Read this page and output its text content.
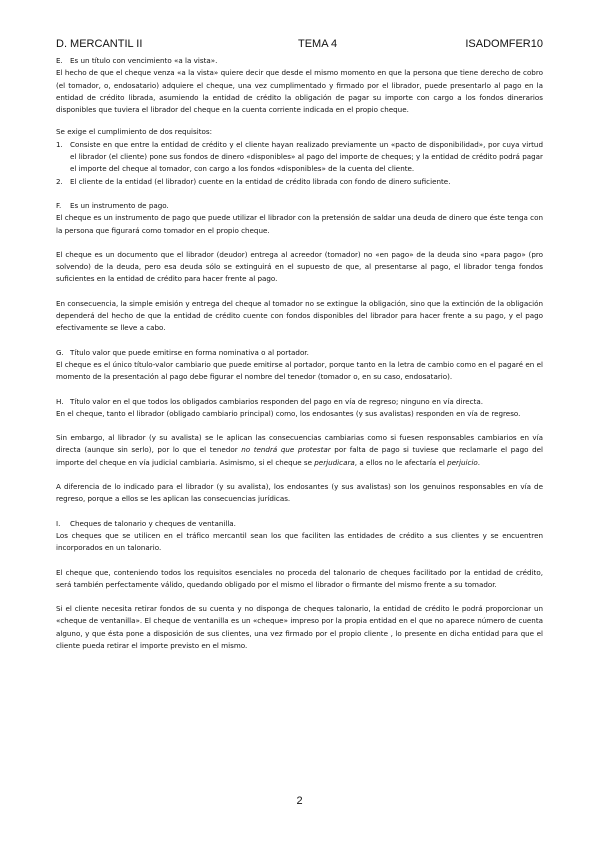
D. MERCANTIL II	TEMA 4	ISADOMFER10

E. Es un título con vencimiento «a la vista».

El hecho de que el cheque venza «a la vista» quiere decir que desde el mismo momento en que la persona que tiene derecho de cobro (el tomador, o, endosatario) adquiere el cheque, una vez cumplimentado y firmado por el librador, puede presentarlo al pago en la entidad de crédito librada, asumiendo la entidad de crédito la obligación de pagar su importe con cargo a los fondos dinerarios disponibles que tuviera el librador del cheque en la cuenta corriente indicada en el propio cheque.

Se exige el cumplimiento de dos requisitos:

1. Consiste en que entre la entidad de crédito y el cliente hayan realizado previamente un «pacto de disponibilidad», por cuya virtud el librador (el cliente) pone sus fondos de dinero «disponibles» al pago del importe de cheques; y la entidad de crédito podrá pagar el importe del cheque al tomador, con cargo a los fondos «disponibles» de la cuenta del cliente.
2. El cliente de la entidad (el librador) cuente en la entidad de crédito librada con fondo de dinero suficiente.

F. Es un instrumento de pago.

El cheque es un instrumento de pago que puede utilizar el librador con la pretensión de saldar una deuda de dinero que éste tenga con la persona que figurará como tomador en el propio cheque.

El cheque es un documento que el librador (deudor) entrega al acreedor (tomador) no «en pago» de la deuda sino «para pago» (pro solvendo) de la deuda, pero esa deuda sólo se extinguirá en el supuesto de que, al presentarse al pago, el librador tenga fondos suficientes en la entidad de crédito para hacer frente al pago.

En consecuencia, la simple emisión y entrega del cheque al tomador no se extingue la obligación, sino que la extinción de la obligación dependerá del hecho de que la entidad de crédito cuente con fondos disponibles del librador para hacer frente a su pago, y el pago efectivamente se lleve a cabo.

G. Título valor que puede emitirse en forma nominativa o al portador.

El cheque es el único título-valor cambiario que puede emitirse al portador, porque tanto en la letra de cambio como en el pagaré en el momento de la presentación al pago debe figurar el nombre del tenedor (tomador o, en su caso, endosatario).

H. Título valor en el que todos los obligados cambiarios responden del pago en vía de regreso; ninguno en vía directa.

En el cheque, tanto el librador (obligado cambiario principal) como, los endosantes (y sus avalistas) responden en vía de regreso.

Sin embargo, al librador (y su avalista) se le aplican las consecuencias cambiarias como si fuesen responsables cambiarios en vía directa (aunque sin serlo), por lo que el tenedor no tendrá que protestar por falta de pago si tuviese que reclamarle el pago del importe del cheque en vía judicial cambiaria. Asimismo, si el cheque se perjudicara, a ellos no le afectaría el perjuicio.

A diferencia de lo indicado para el librador (y su avalista), los endosantes (y sus avalistas) son los genuinos responsables en vía de regreso, porque a ellos se les aplican las consecuencias jurídicas.

I. Cheques de talonario y cheques de ventanilla.

Los cheques que se utilicen en el tráfico mercantil sean los que faciliten las entidades de crédito a sus clientes y se encuentren incorporados en un talonario.

El cheque que, conteniendo todos los requisitos esenciales no proceda del talonario de cheques facilitado por la entidad de crédito, será también perfectamente válido, quedando obligado por el mismo el librador o firmante del mismo frente a su tomador.

Si el cliente necesita retirar fondos de su cuenta y no disponga de cheques talonario, la entidad de crédito le podrá proporcionar un «cheque de ventanilla». El cheque de ventanilla es un «cheque» impreso por la propia entidad en el que no aparece número de cuenta alguno, y que ésta pone a disposición de sus clientes, una vez firmado por el propio cliente , lo presente en dicha entidad para que el cliente pueda retirar el importe previsto en el mismo.

2
